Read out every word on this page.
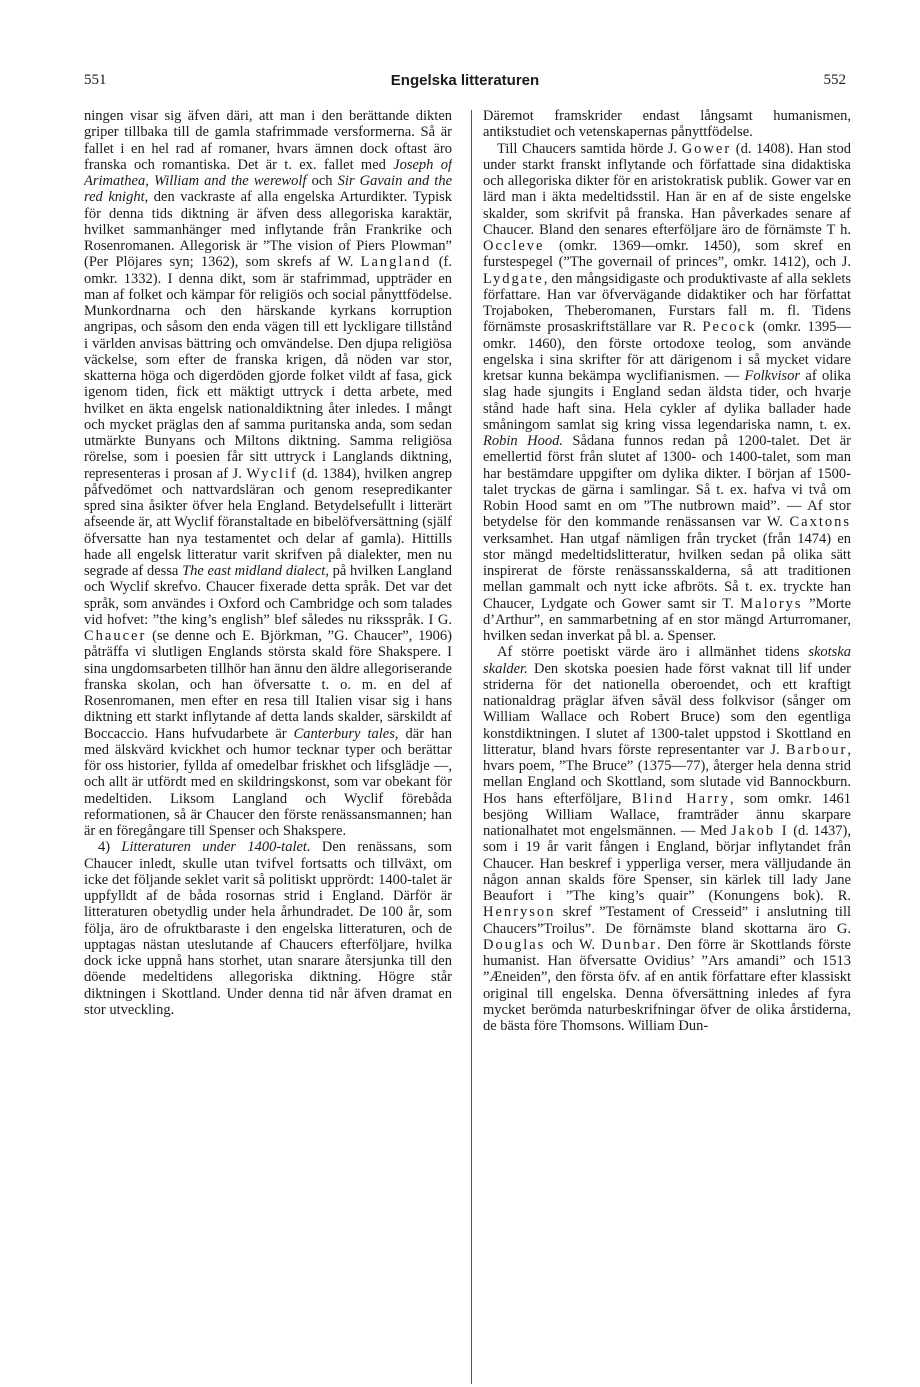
551	Engelska litteraturen	552

ningen visar sig äfven däri, att man i den berättande dikten griper tillbaka till de gamla stafrimmade versformerna. Så är fallet i en hel rad af romaner, hvars ämnen dock oftast äro franska och romantiska. Det är t. ex. fallet med Joseph of Arimathea, William and the werewolf och Sir Gavain and the red knight, den vackraste af alla engelska Arturdikter. Typisk för denna tids diktning är äfven dess allegoriska karaktär, hvilket sammanhänger med inflytande från Frankrike och Rosenromanen. Allegorisk är ”The vision of Piers Plowman” (Per Plöjares syn; 1362), som skrefs af W. Langland (f. omkr. 1332). I denna dikt, som är stafrimmad, uppträder en man af folket och kämpar för religiös och social pånyttfödelse. Munkordnarna och den härskande kyrkans korruption angripas, och såsom den enda vägen till ett lyckligare tillstånd i världen anvisas bättring och omvändelse. Den djupa religiösa väckelse, som efter de franska krigen, då nöden var stor, skatterna höga och digerdöden gjorde folket vildt af fasa, gick igenom tiden, fick ett mäktigt uttryck i detta arbete, med hvilket en äkta engelsk nationaldiktning åter inledes. I mångt och mycket präglas den af samma puritanska anda, som sedan utmärkte Bunyans och Miltons diktning. Samma religiösa rörelse, som i poesien får sitt uttryck i Langlands diktning, representeras i prosan af J. Wyclif (d. 1384), hvilken angrep påfvedömet och nattvardsläran och genom resepredikanter spred sina åsikter öfver hela England. Betydelsefullt i litterärt afseende är, att Wyclif föranstaltade en bibelöfversättning (själf öfversatte han nya testamentet och delar af gamla). Hittills hade all engelsk litteratur varit skrifven på dialekter, men nu segrade af dessa The east midland dialect, på hvilken Langland och Wyclif skrefvo. Chaucer fixerade detta språk. Det var det språk, som användes i Oxford och Cambridge och som talades vid hofvet: ”the king’s english” blef således nu riksspråk. I G. Chaucer (se denne och E. Björkman, ”G. Chaucer”, 1906) påträffa vi slutligen Englands största skald före Shakspere. I sina ungdomsarbeten tillhör han ännu den äldre allegoriserande franska skolan, och han öfversatte t. o. m. en del af Rosenromanen, men efter en resa till Italien visar sig i hans diktning ett starkt inflytande af detta lands skalder, särskildt af Boccaccio. Hans hufvudarbete är Canterbury tales, där han med älskvärd kvickhet och humor tecknar typer och berättar för oss historier, fyllda af omedelbar friskhet och lifsglädje —, och allt är utfördt med en skildringskonst, som var obekant för medeltiden. Liksom Langland och Wyclif förebåda reformationen, så är Chaucer den förste renässansmannen; han är en föregångare till Spenser och Shakspere.

4) Litteraturen under 1400-talet. Den renässans, som Chaucer inledt, skulle utan tvifvel fortsatts och tillväxt, om icke det följande seklet varit så politiskt upprördt: 1400-talet är uppfylldt af de båda rosornas strid i England. Därför är litteraturen obetydlig under hela århundradet. De 100 år, som följa, äro de ofruktbaraste i den engelska litteraturen, och de upptagas nästan uteslutande af Chaucers efterföljare, hvilka dock icke uppnå hans storhet, utan snarare återsjunka till den döende medeltidens allegoriska diktning. Högre står diktningen i Skottland. Under denna tid når äfven dramat en stor utveckling.

Däremot framskrider endast långsamt humanismen, antikstudiet och vetenskapernas pånyttfödelse.

Till Chaucers samtida hörde J. Gower (d. 1408). Han stod under starkt franskt inflytande och författade sina didaktiska och allegoriska dikter för en aristokratisk publik. Gower var en lärd man i äkta medeltidsstil. Han är en af de siste engelske skalder, som skrifvit på franska. Han påverkades senare af Chaucer. Bland den senares efterföljare äro de förnämste T h. Occleve (omkr. 1369—omkr. 1450), som skref en furstespegel (”The governail of princes”, omkr. 1412), och J. Lydgate, den mångsidigaste och produktivaste af alla seklets författare. Han var öfvervägande didaktiker och har författat Trojaboken, Theberomanen, Furstars fall m. fl. Tidens förnämste prosaskriftställare var R. Pecock (omkr. 1395—omkr. 1460), den förste ortodoxe teolog, som använde engelska i sina skrifter för att därigenom i så mycket vidare kretsar kunna bekämpa wyclifianismen. — Folkvisor af olika slag hade sjungits i England sedan äldsta tider, och hvarje stånd hade haft sina. Hela cykler af dylika ballader hade småningom samlat sig kring vissa legendariska namn, t. ex. Robin Hood. Sådana funnos redan på 1200-talet. Det är emellertid först från slutet af 1300- och 1400-talet, som man har bestämdare uppgifter om dylika dikter. I början af 1500-talet tryckas de gärna i samlingar. Så t. ex. hafva vi två om Robin Hood samt en om ”The nutbrown maid”. — Af stor betydelse för den kommande renässansen var W. Caxtons verksamhet. Han utgaf nämligen från trycket (från 1474) en stor mängd medeltidslitteratur, hvilken sedan på olika sätt inspirerat de förste renässansskalderna, så att traditionen mellan gammalt och nytt icke afbröts. Så t. ex. tryckte han Chaucer, Lydgate och Gower samt sir T. Malorys ”Morte d’Arthur”, en sammarbetning af en stor mängd Arturromaner, hvilken sedan inverkat på bl. a. Spenser.

Af större poetiskt värde äro i allmänhet tidens skotska skalder. Den skotska poesien hade först vaknat till lif under striderna för det nationella oberoendet, och ett kraftigt nationaldrag präglar äfven såväl dess folkvisor (sånger om William Wallace och Robert Bruce) som den egentliga konstdiktningen. I slutet af 1300-talet uppstod i Skottland en litteratur, bland hvars förste representanter var J. Barbour, hvars poem, ”The Bruce” (1375—77), återger hela denna strid mellan England och Skottland, som slutade vid Bannockburn. Hos hans efterföljare, Blind Harry, som omkr. 1461 besjöng William Wallace, framträder ännu skarpare nationalhatet mot engelsmännen. — Med Jakob I (d. 1437), som i 19 år varit fången i England, börjar inflytandet från Chaucer. Han beskref i ypperliga verser, mera välljudande än någon annan skalds före Spenser, sin kärlek till lady Jane Beaufort i ”The king’s quair” (Konungens bok). R. Henryson skref ”Testament of Cresseid” i anslutning till Chaucers”Troilus”. De förnämste bland skottarna äro G. Douglas och W. Dunbar. Den förre är Skottlands förste humanist. Han öfversatte Ovidius’ ”Ars amandi” och 1513 ”Æneiden”, den första öfv. af en antik författare efter klassiskt original till engelska. Denna öfversättning inledes af fyra mycket berömda naturbeskrifningar öfver de olika årstiderna, de bästa före Thomsons. William Dun-
